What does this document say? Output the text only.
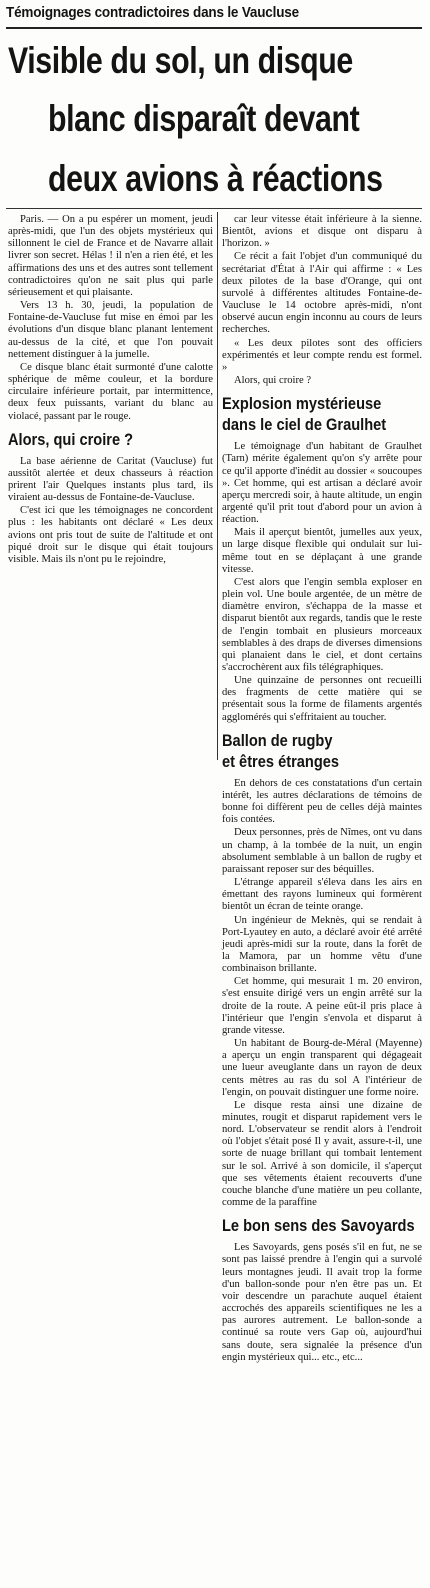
Témoignages contradictoires dans le Vaucluse
Visible du sol, un disque
blanc disparaît devant
deux avions à réactions

Paris. — On a pu espérer un moment, jeudi après-midi, que l'un des objets mystérieux qui sillonnent le ciel de France et de Navarre allait livrer son secret. Hélas ! il n'en a rien été, et les affirmations des uns et des autres sont tellement contradictoires qu'on ne sait plus qui parle sérieusement et qui plaisante.

Vers 13 h. 30, jeudi, la population de Fontaine-de-Vaucluse fut mise en émoi par les évolutions d'un disque blanc planant lentement au-dessus de la cité, et que l'on pouvait nettement distinguer à la jumelle.

Ce disque blanc était surmonté d'une calotte sphérique de même couleur, et la bordure circulaire inférieure portait, par intermittence, deux feux puissants, variant du blanc au violacé, passant par le rouge.

Alors, qui croire ?

La base aérienne de Caritat (Vaucluse) fut aussitôt alertée et deux chasseurs à réaction prirent l'air Quelques instants plus tard, ils viraient au-dessus de Fontaine-de-Vaucluse.

C'est ici que les témoignages ne concordent plus : les habitants ont déclaré « Les deux avions ont pris tout de suite de l'altitude et ont piqué droit sur le disque qui était toujours visible. Mais ils n'ont pu le rejoindre,

car leur vitesse était inférieure à la sienne. Bientôt, avions et disque ont disparu à l'horizon. »

Ce récit a fait l'objet d'un communiqué du secrétariat d'État à l'Air qui affirme : « Les deux pilotes de la base d'Orange, qui ont survolé à différentes altitudes Fontaine-de-Vaucluse le 14 octobre après-midi, n'ont observé aucun engin inconnu au cours de leurs recherches.

« Les deux pilotes sont des officiers expérimentés et leur compte rendu est formel. »

Alors, qui croire ?

Explosion mystérieuse
dans le ciel de Graulhet

Le témoignage d'un habitant de Graulhet (Tarn) mérite également qu'on s'y arrête pour ce qu'il apporte d'inédit au dossier « soucoupes ». Cet homme, qui est artisan a déclaré avoir aperçu mercredi soir, à haute altitude, un engin argenté qu'il prit tout d'abord pour un avion à réaction.

Mais il aperçut bientôt, jumelles aux yeux, un large disque flexible qui ondulait sur lui-même tout en se déplaçant à une grande vitesse.

C'est alors que l'engin sembla exploser en plein vol. Une boule argentée, de un mètre de diamètre environ, s'échappa de la masse et disparut bientôt aux regards, tandis que le reste de l'engin tombait en plusieurs morceaux semblables à des draps de diverses dimensions qui planaient dans le ciel, et dont certains s'accrochèrent aux fils télégraphiques.

Une quinzaine de personnes ont recueilli des fragments de cette matière qui se présentait sous la forme de filaments argentés agglomérés qui s'effritaient au toucher.

Ballon de rugby
et êtres étranges

En dehors de ces constatations d'un certain intérêt, les autres déclarations de témoins de bonne foi diffèrent peu de celles déjà maintes fois contées.

Deux personnes, près de Nîmes, ont vu dans un champ, à la tombée de la nuit, un engin absolument semblable à un ballon de rugby et paraissant reposer sur des béquilles.

L'étrange appareil s'éleva dans les airs en émettant des rayons lumineux qui formèrent bientôt un écran de teinte orange.

Un ingénieur de Meknès, qui se rendait à Port-Lyautey en auto, a déclaré avoir été arrêté jeudi après-midi sur la route, dans la forêt de la Mamora, par un homme vêtu d'une combinaison brillante.

Cet homme, qui mesurait 1 m. 20 environ, s'est ensuite dirigé vers un engin arrêté sur la droite de la route. A peine eût-il pris place à l'intérieur que l'engin s'envola et disparut à grande vitesse.

Un habitant de Bourg-de-Méral (Mayenne) a aperçu un engin transparent qui dégageait une lueur aveuglante dans un rayon de deux cents mètres au ras du sol A l'intérieur de l'engin, on pouvait distinguer une forme noire.

Le disque resta ainsi une dizaine de minutes, rougit et disparut rapidement vers le nord. L'observateur se rendit alors à l'endroit où l'objet s'était posé Il y avait, assure-t-il, une sorte de nuage brillant qui tombait lentement sur le sol. Arrivé à son domicile, il s'aperçut que ses vêtements étaient recouverts d'une couche blanche d'une matière un peu collante, comme de la paraffine

Le bon sens des Savoyards

Les Savoyards, gens posés s'il en fut, ne se sont pas laissé prendre à l'engin qui a survolé leurs montagnes jeudi. Il avait trop la forme d'un ballon-sonde pour n'en être pas un. Et voir descendre un parachute auquel étaient accrochés des appareils scientifiques ne les a pas aurores autrement. Le ballon-sonde a continué sa route vers Gap où, aujourd'hui sans doute, sera signalée la présence d'un engin mystérieux qui... etc., etc...
